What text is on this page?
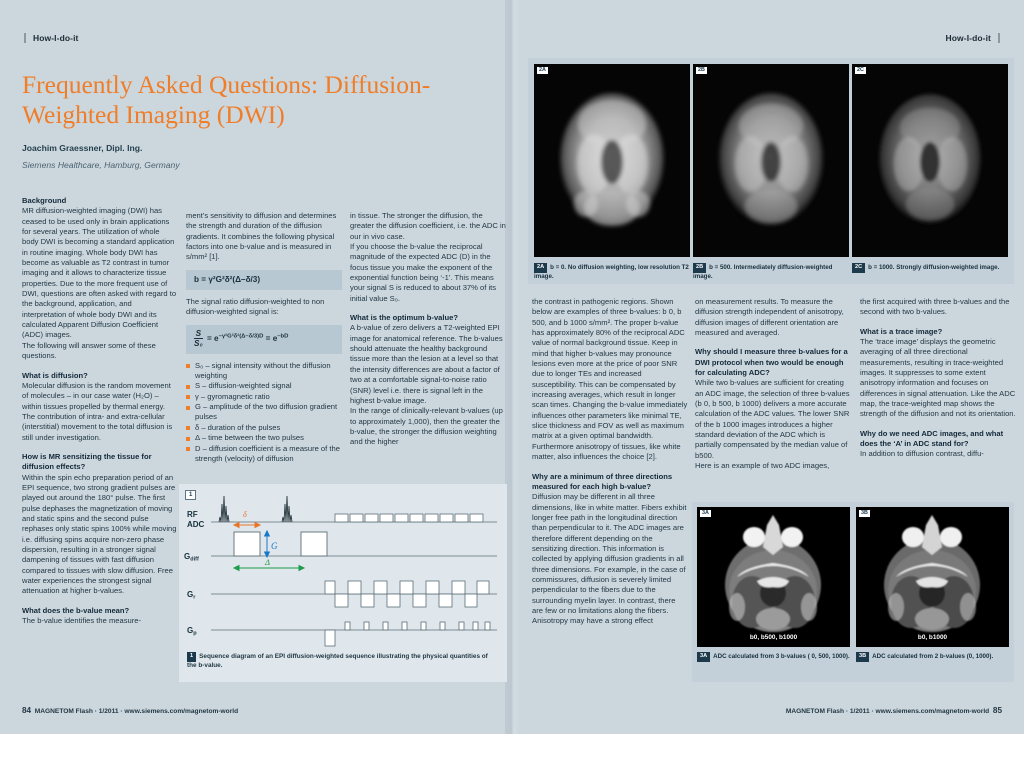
How-I-do-it	How-I-do-it
Frequently Asked Questions: Diffusion-Weighted Imaging (DWI)
Joachim Graessner, Dipl. Ing.
Siemens Healthcare, Hamburg, Germany

Background

MR diffusion-weighted imaging (DWI) has ceased to be used only in brain applications for several years. The utilization of whole body DWI is becoming a standard application in routine imaging. Whole body DWI has become as valuable as T2 contrast in tumor imaging and it allows to characterize tissue properties. Due to the more frequent use of DWI, questions are often asked with regard to the background, application, and interpretation of whole body DWI and its calculated Apparent Diffusion Coefficient (ADC) images.

The following will answer some of these questions.

What is diffusion?

Molecular diffusion is the random movement of molecules – in our case water (H₂O) – within tissues propelled by thermal energy. The contribution of intra- and extra-cellular (interstitial) movement to the total diffusion is still under investigation.

How is MR sensitizing the tissue for diffusion effects?

Within the spin echo preparation period of an EPI sequence, two strong gradient pulses are played out around the 180° pulse. The first pulse dephases the magnetization of moving and static spins and the second pulse rephases only static spins 100% while moving i.e. diffusing spins acquire non-zero phase dispersion, resulting in a stronger signal dampening of tissues with fast diffusion compared to tissues with slow diffusion. Free water experiences the strongest signal attenuation at higher b-values.

What does the b-value mean?

The b-value identifies the measure-

ment's sensitivity to diffusion and determines the strength and duration of the diffusion gradients. It combines the following physical factors into one b-value and is measured in s/mm² [1].

b = γ²G²δ²(Δ–δ/3)

The signal ratio diffusion-weighted to non diffusion-weighted signal is:

$\frac{S}{\text{S₀}} = e^{-\gamma^2G^2\delta^2(\Delta-\delta/3)D} = e^{-bD}$
S₀ – signal intensity without the diffusion weighting
S – diffusion-weighted signal
γ – gyromagnetic ratio
G – amplitude of the two diffusion gradient pulses
δ – duration of the pulses
Δ – time between the two pulses
D – diffusion coefficient is a measure of the strength (velocity) of diffusion

in tissue. The stronger the diffusion, the greater the diffusion coefficient, i.e. the ADC in our in vivo case.

If you choose the b-value the reciprocal magnitude of the expected ADC (D) in the focus tissue you make the exponent of the exponential function being ‘-1’. This means your signal S is reduced to about 37% of its initial value S₀.

What is the optimum b-value?

A b-value of zero delivers a T2-weighted EPI image for anatomical reference. The b-values should attenuate the healthy background tissue more than the lesion at a level so that the intensity differences are about a factor of two at a comfortable signal-to-noise ratio (SNR) level i.e. there is signal left in the highest b-value image.

In the range of clinically-relevant b-values (up to approximately 1,000), then the greater the b-value, the stronger the diffusion weighting and the higher

1
RF
ADC
Gdiff
Gr
Gp
δ
G
Δ
1 Sequence diagram of an EPI diffusion-weighted sequence illustrating the physical quantities of the b-value.
2A	2B	2C
2A b = 0. No diffusion weighting, low resolution T2 image.
2B b = 500. Intermediately diffusion-weighted image.
2C b = 1000. Strongly diffusion-weighted image.

the contrast in pathogenic regions. Shown below are examples of three b-values: b 0, b 500, and b 1000 s/mm². The proper b-value has approximately 80% of the reciprocal ADC value of normal background tissue. Keep in mind that higher b-values may pronounce lesions even more at the price of poor SNR due to longer TEs and increased susceptibility. This can be compensated by increasing averages, which result in longer scan times. Changing the b-value immediately influences other parameters like minimal TE, slice thickness and FOV as well as maximum matrix at a given optimal bandwidth. Furthermore anisotropy of tissues, like white matter, also influences the choice [2].

Why are a minimum of three directions measured for each high b-value?

Diffusion may be different in all three dimensions, like in white matter. Fibers exhibit longer free path in the longitudinal direction than perpendicular to it. The ADC images are therefore different depending on the sensitizing direction. This information is collected by applying diffusion gradients in all three dimensions. For example, in the case of commissures, diffusion is severely limited perpendicular to the fibers due to the surrounding myelin layer. In contrast, there are few or no limitations along the fibers. Anisotropy may have a strong effect

on measurement results. To measure the diffusion strength independent of anisotropy, diffusion images of different orientation are measured and averaged.

Why should I measure three b-values for a DWI protocol when two would be enough for calculating ADC?

While two b-values are sufficient for creating an ADC image, the selection of three b-values (b 0, b 500, b 1000) delivers a more accurate calculation of the ADC values. The lower SNR of the b 1000 images introduces a higher standard deviation of the ADC which is partially compensated by the median value of b500.

Here is an example of two ADC images,

the first acquired with three b-values and the second with two b-values.

What is a trace image?

The ‘trace image’ displays the geometric averaging of all three directional measurements, resulting in trace-weighted images. It suppresses to some extent anisotropy information and focuses on differences in signal attenuation. Like the ADC map, the trace-weighted map shows the strength of the diffusion and not its orientation.

Why do we need ADC images, and what does the ‘A’ in ADC stand for?

In addition to diffusion contrast, diffu-

3A
b0, b500, b1000
3B
b0, b1000
3A ADC calculated from 3 b-values ( 0, 500, 1000).	3B ADC calculated from 2 b-values (0, 1000).
84 MAGNETOM Flash · 1/2011 · www.siemens.com/magnetom-world	MAGNETOM Flash · 1/2011 · www.siemens.com/magnetom-world 85
